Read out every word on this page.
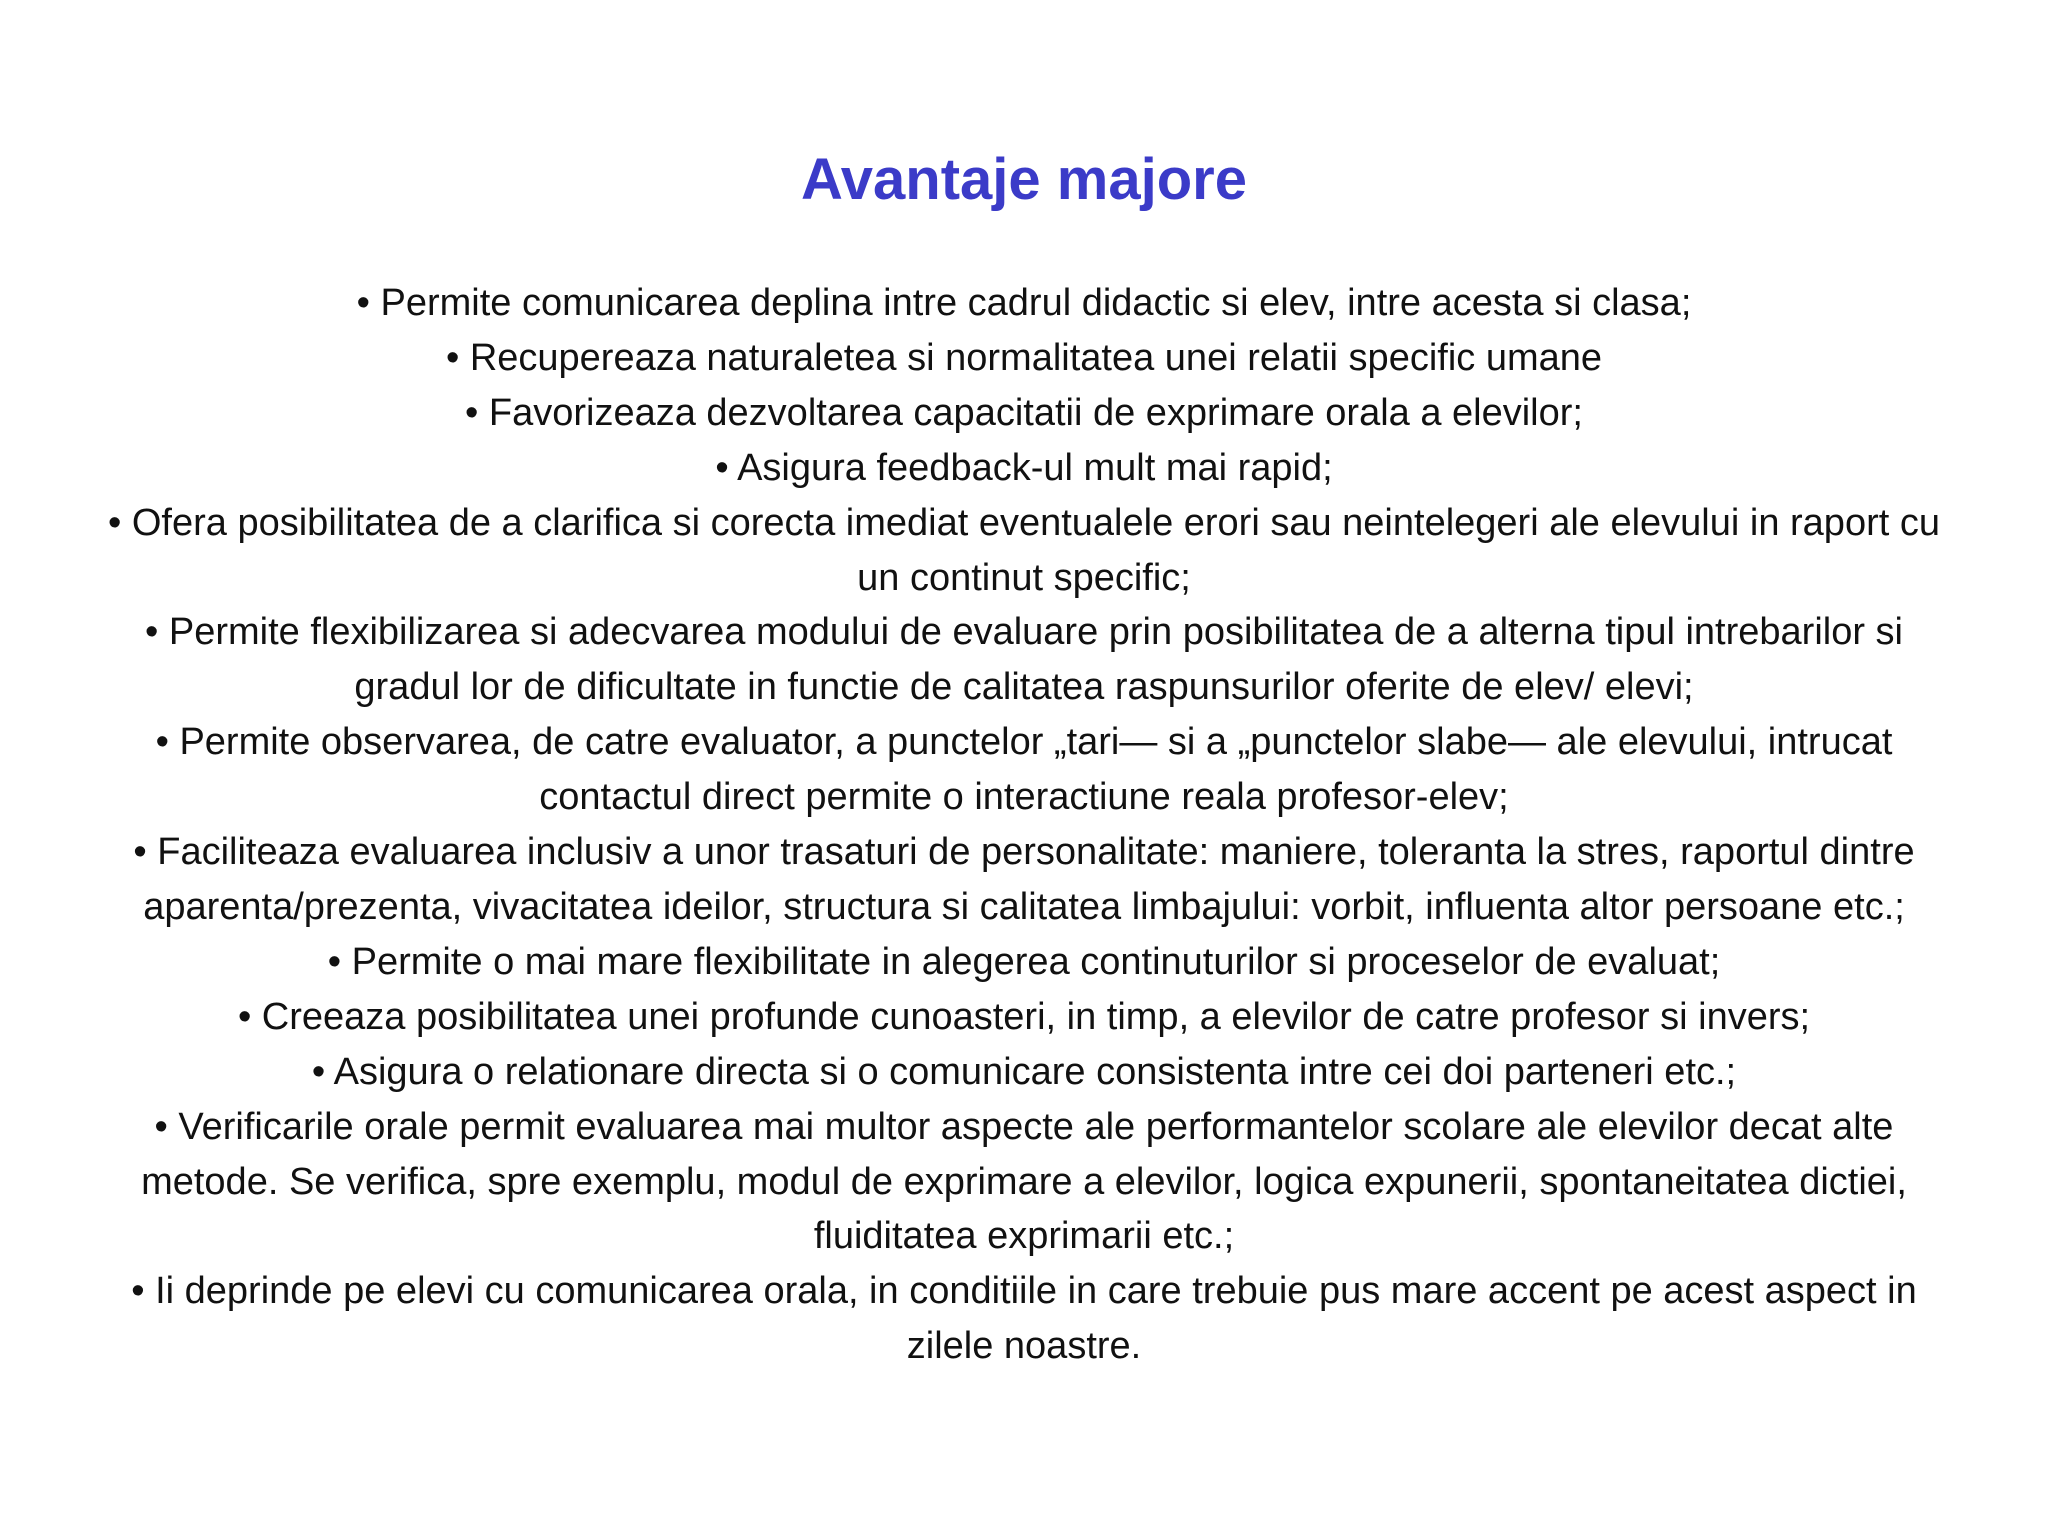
Avantaje majore

• Permite comunicarea deplina intre cadrul didactic si elev, intre acesta si clasa;

• Recupereaza naturaletea si normalitatea unei relatii specific umane

• Favorizeaza dezvoltarea capacitatii de exprimare orala a elevilor;

• Asigura feedback-ul mult mai rapid;

• Ofera posibilitatea de a clarifica si corecta imediat eventualele erori sau neintelegeri ale elevului in raport cu un continut specific;

• Permite flexibilizarea si adecvarea modului de evaluare prin posibilitatea de a alterna tipul intrebarilor si gradul lor de dificultate in functie de calitatea raspunsurilor oferite de elev/ elevi;

• Permite observarea, de catre evaluator, a punctelor „tari— si a „punctelor slabe— ale elevului, intrucat contactul direct permite o interactiune reala profesor-elev;

• Faciliteaza evaluarea inclusiv a unor trasaturi de personalitate: maniere, toleranta la stres, raportul dintre aparenta/prezenta, vivacitatea ideilor, structura si calitatea limbajului: vorbit, influenta altor persoane etc.;

• Permite o mai mare flexibilitate in alegerea continuturilor si proceselor de evaluat;

• Creeaza posibilitatea unei profunde cunoasteri, in timp, a elevilor de catre profesor si invers;

• Asigura o relationare directa si o comunicare consistenta intre cei doi parteneri etc.;

• Verificarile orale permit evaluarea mai multor aspecte ale performantelor scolare ale elevilor decat alte metode. Se verifica, spre exemplu, modul de exprimare a elevilor, logica expunerii, spontaneitatea dictiei, fluiditatea exprimarii etc.;

• Ii deprinde pe elevi cu comunicarea orala, in conditiile in care trebuie pus mare accent pe acest aspect in zilele noastre.
